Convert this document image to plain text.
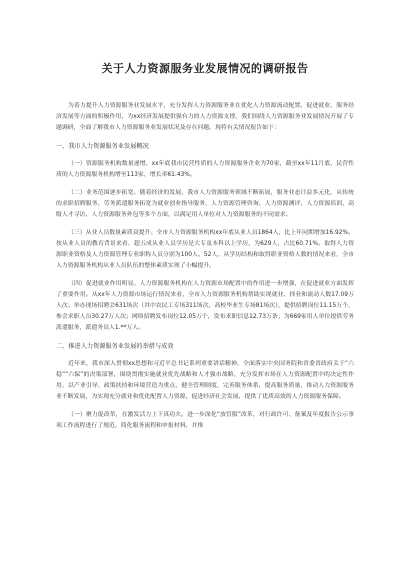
关于人力资源服务业发展情况的调研报告

为着力提升人力资源服务业发展水平，充分发挥人力资源服务业在优化人力资源流动配置、促进就业、服务经济发展等方面的积极作用，为xx经济发展提供强有力的人力资源支撑，我们围绕人力资源服务业发展情况开展了专题调研，全面了解我市人力资源服务业发展状况及存在问题。现将有关情况报告如下：

一、我市人力资源服务业发展概况

（一）资源服务机构数量递增。xx年底我市民营性质的人力资源服务企业为70家，截至xx年11月底，民营性质的人力资源服务机构增至113家，增长率61.43%。

（二）业务范围逐步拓宽。随着经济的发展，我市人力资源服务领域不断拓展，服务业态日益多元化，从传统的求职招聘服务、劳务派遣服务拓宽为就业创业指导服务、人力资源管理咨询、人力资源测评、人力资源培训、高级人才寻访、人力资源服务外包等多个方面，以满足用人单位对人力资源服务的不同需求。

（三）从业人员数量素质双提升。全市人力资源服务机构xx年底从业人员1864人，比上年同期增加16.92%。按从业人员的教育背景来看，超五成从业人员学历是大专及本科以上学历，为629人，占比60.71%。取得人力资源职业资格及人力资源管理专业职称人员分别为100人、52人，从学历结构和取得职业资格人数的情况来看，全市人力资源服务机构从业人员队伍的整体素质实现了小幅提升。

（四）促进就业作用明显。人力资源服务机构在人力资源市场配置中的作用进一步增强，在促进就业方面发挥了重要作用。从xx年人力资源市场运行情况来看，全市人力资源服务机构帮助实现就业、择业和流动人数17.09万人次；举办现场招聘会631场次（其中农民工专场311场次，高校毕业生专场81场次），提供招聘岗位11.15万个，参会求职人员30.27万人次；网络招聘发布岗位12.05万个，发布求职信息12.73万条；为669家用人单位提供劳务派遣服务，派遣务员人1.**万人。

二、推进人力资源服务业发展的举措与成效

近年来，我市深入贯彻xx思想和习近平总书记系列重要讲话精神，全面落实中央国务院和省委省政府关于“六稳”“六保”的决策部署，围绕贯彻实施就业优先战略和人才强市战略，充分发挥市场在人力资源配置中的决定性作用，以产业引导、政策扶持和环境营造为重点，健全管理制度，完善服务体系，提高服务质量，推动人力资源服务业不断发展，为实现充分就业和优化配置人力资源，促进经济社会发展，提供了优质高效的人力资源服务保障。

（一）聚力促改革，在激发活力上下真功夫。进一步深化“放管服”改革，对行政许可、备案及年度报告公示事项工作流程进行了规范，简化服务流程和申报材料，并推
